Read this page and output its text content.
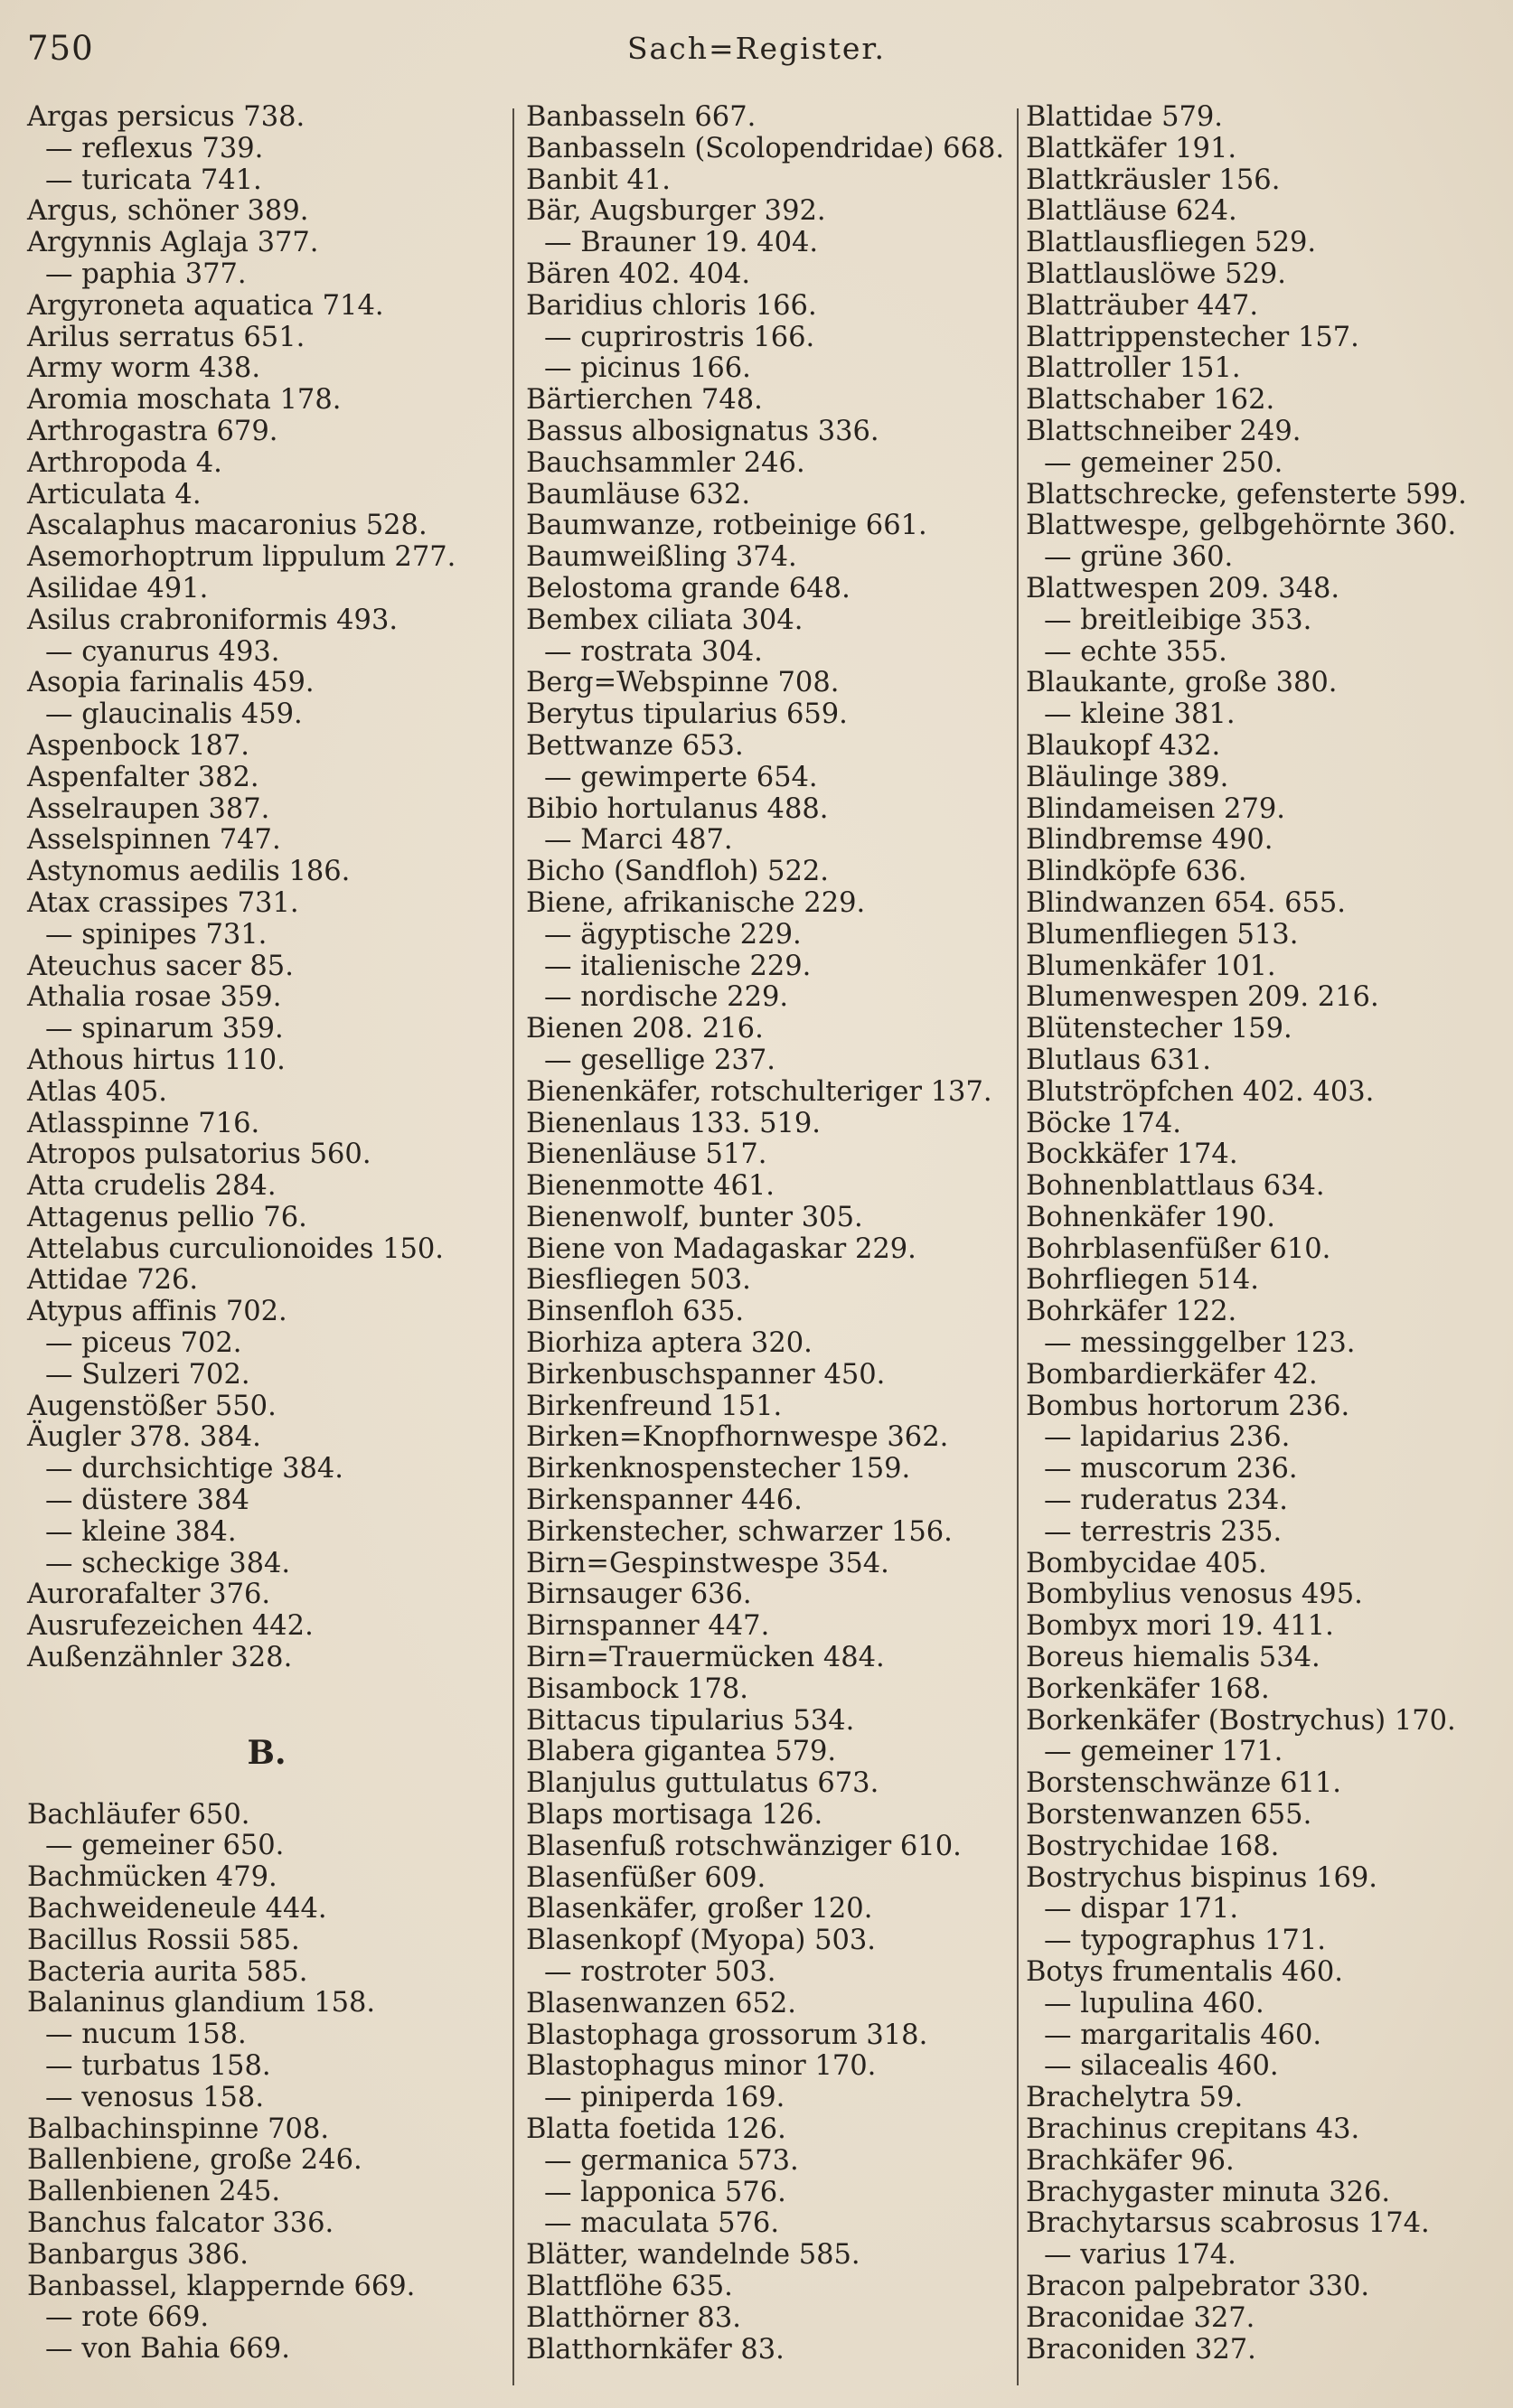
750	Sach=Register.
Argas persicus 738.
— reflexus 739.
— turicata 741.
Argus, schöner 389.
Argynnis Aglaja 377.
— paphia 377.
Argyroneta aquatica 714.
Arilus serratus 651.
Army worm 438.
Aromia moschata 178.
Arthrogastra 679.
Arthropoda 4.
Articulata 4.
Ascalaphus macaronius 528.
Asemorhoptrum lippulum 277.
Asilidae 491.
Asilus crabroniformis 493.
— cyanurus 493.
Asopia farinalis 459.
— glaucinalis 459.
Aspenbock 187.
Aspenfalter 382.
Asselraupen 387.
Asselspinnen 747.
Astynomus aedilis 186.
Atax crassipes 731.
— spinipes 731.
Ateuchus sacer 85.
Athalia rosae 359.
— spinarum 359.
Athous hirtus 110.
Atlas 405.
Atlasspinne 716.
Atropos pulsatorius 560.
Atta crudelis 284.
Attagenus pellio 76.
Attelabus curculionoides 150.
Attidae 726.
Atypus affinis 702.
— piceus 702.
— Sulzeri 702.
Augenstößer 550.
Äugler 378. 384.
— durchsichtige 384.
— düstere 384
— kleine 384.
— scheckige 384.
Aurorafalter 376.
Ausrufezeichen 442.
Außenzähnler 328.
B.
Bachläufer 650.
— gemeiner 650.
Bachmücken 479.
Bachweideneule 444.
Bacillus Rossii 585.
Bacteria aurita 585.
Balaninus glandium 158.
— nucum 158.
— turbatus 158.
— venosus 158.
Balbachinspinne 708.
Ballenbiene, große 246.
Ballenbienen 245.
Banchus falcator 336.
Banbargus 386.
Banbassel, klappernde 669.
— rote 669.
— von Bahia 669.
Banbasseln 667.
Banbasseln (Scolopendridae) 668.
Banbit 41.
Bär, Augsburger 392.
— Brauner 19. 404.
Bären 402. 404.
Baridius chloris 166.
— cuprirostris 166.
— picinus 166.
Bärtierchen 748.
Bassus albosignatus 336.
Bauchsammler 246.
Baumläuse 632.
Baumwanze, rotbeinige 661.
Baumweißling 374.
Belostoma grande 648.
Bembex ciliata 304.
— rostrata 304.
Berg=Webspinne 708.
Berytus tipularius 659.
Bettwanze 653.
— gewimperte 654.
Bibio hortulanus 488.
— Marci 487.
Bicho (Sandfloh) 522.
Biene, afrikanische 229.
— ägyptische 229.
— italienische 229.
— nordische 229.
Bienen 208. 216.
— gesellige 237.
Bienenkäfer, rotschulteriger 137.
Bienenlaus 133. 519.
Bienenläuse 517.
Bienenmotte 461.
Bienenwolf, bunter 305.
Biene von Madagaskar 229.
Biesfliegen 503.
Binsenfloh 635.
Biorhiza aptera 320.
Birkenbuschspanner 450.
Birkenfreund 151.
Birken=Knopfhornwespe 362.
Birkenknospenstecher 159.
Birkenspanner 446.
Birkenstecher, schwarzer 156.
Birn=Gespinstwespe 354.
Birnsauger 636.
Birnspanner 447.
Birn=Trauermücken 484.
Bisambock 178.
Bittacus tipularius 534.
Blabera gigantea 579.
Blanjulus guttulatus 673.
Blaps mortisaga 126.
Blasenfuß rotschwänziger 610.
Blasenfüßer 609.
Blasenkäfer, großer 120.
Blasenkopf (Myopa) 503.
— rostroter 503.
Blasenwanzen 652.
Blastophaga grossorum 318.
Blastophagus minor 170.
— piniperda 169.
Blatta foetida 126.
— germanica 573.
— lapponica 576.
— maculata 576.
Blätter, wandelnde 585.
Blattflöhe 635.
Blatthörner 83.
Blatthornkäfer 83.
Blattidae 579.
Blattkäfer 191.
Blattkräusler 156.
Blattläuse 624.
Blattlausfliegen 529.
Blattlauslöwe 529.
Blatträuber 447.
Blattrippenstecher 157.
Blattroller 151.
Blattschaber 162.
Blattschneiber 249.
— gemeiner 250.
Blattschrecke, gefensterte 599.
Blattwespe, gelbgehörnte 360.
— grüne 360.
Blattwespen 209. 348.
— breitleibige 353.
— echte 355.
Blaukante, große 380.
— kleine 381.
Blaukopf 432.
Bläulinge 389.
Blindameisen 279.
Blindbremse 490.
Blindköpfe 636.
Blindwanzen 654. 655.
Blumenfliegen 513.
Blumenkäfer 101.
Blumenwespen 209. 216.
Blütenstecher 159.
Blutlaus 631.
Blutströpfchen 402. 403.
Böcke 174.
Bockkäfer 174.
Bohnenblattlaus 634.
Bohnenkäfer 190.
Bohrblasenfüßer 610.
Bohrfliegen 514.
Bohrkäfer 122.
— messinggelber 123.
Bombardierkäfer 42.
Bombus hortorum 236.
— lapidarius 236.
— muscorum 236.
— ruderatus 234.
— terrestris 235.
Bombycidae 405.
Bombylius venosus 495.
Bombyx mori 19. 411.
Boreus hiemalis 534.
Borkenkäfer 168.
Borkenkäfer (Bostrychus) 170.
— gemeiner 171.
Borstenschwänze 611.
Borstenwanzen 655.
Bostrychidae 168.
Bostrychus bispinus 169.
— dispar 171.
— typographus 171.
Botys frumentalis 460.
— lupulina 460.
— margaritalis 460.
— silacealis 460.
Brachelytra 59.
Brachinus crepitans 43.
Brachkäfer 96.
Brachygaster minuta 326.
Brachytarsus scabrosus 174.
— varius 174.
Bracon palpebrator 330.
Braconidae 327.
Braconiden 327.
